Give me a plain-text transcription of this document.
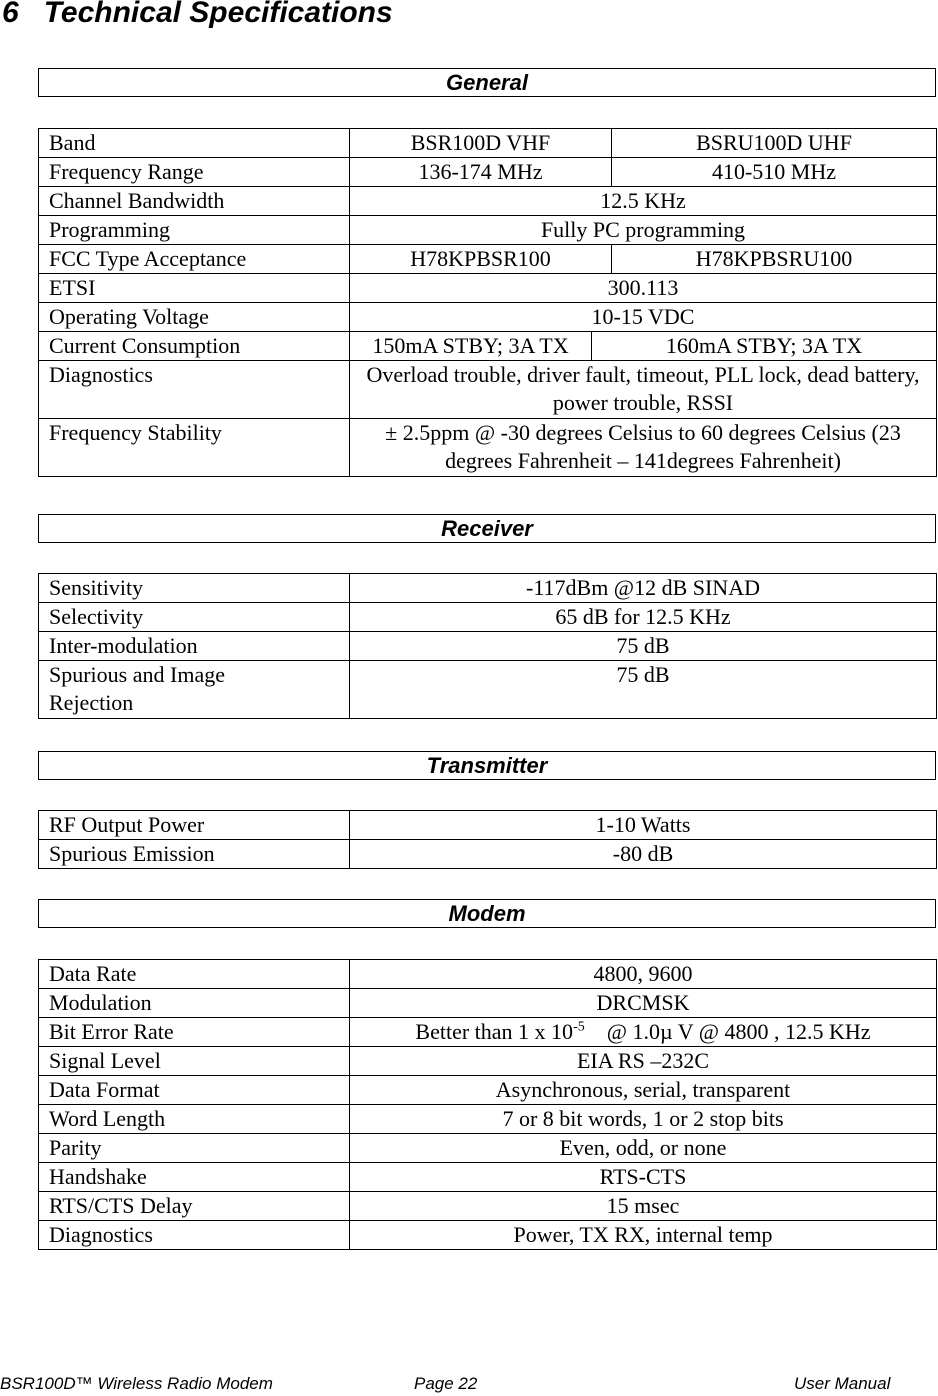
6   Technical Specifications
General
Band	BSR100D VHF		BSRU100D UHF
Frequency Range	136-174 MHz		410-510 MHz
Channel Bandwidth	12.5 KHz		
Programming	Fully PC programming		
FCC Type Acceptance	H78KPBSR100		H78KPBSRU100
ETSI	300.113		
Operating Voltage	10-15 VDC		
Current Consumption	150mA STBY; 3A TX	160mA STBY; 3A TX	
Diagnostics	Overload trouble, driver fault, timeout, PLL lock, dead battery, power trouble, RSSI		
Frequency Stability	± 2.5ppm @ -30 degrees Celsius to 60 degrees Celsius (23 degrees Fahrenheit – 141degrees Fahrenheit)		
Receiver
Sensitivity	-117dBm @12 dB SINAD
Selectivity	65 dB for 12.5 KHz
Inter-modulation	75 dB
Spurious and Image Rejection	75 dB
Transmitter
RF Output Power	1-10 Watts
Spurious Emission	-80 dB
Modem
Data Rate	4800, 9600
Modulation	DRCMSK
Bit Error Rate	Better than 1 x $10^{-5}$    @ 1.0µ V @ 4800 , 12.5 KHz
Signal Level	EIA RS –232C
Data Format	Asynchronous, serial, transparent
Word Length	7 or 8 bit words, 1 or 2 stop bits
Parity	Even, odd, or none
Handshake	RTS-CTS
RTS/CTS Delay	15 msec
Diagnostics	Power, TX RX, internal temp
BSR100D™ Wireless Radio Modem	Page 22	User Manual
